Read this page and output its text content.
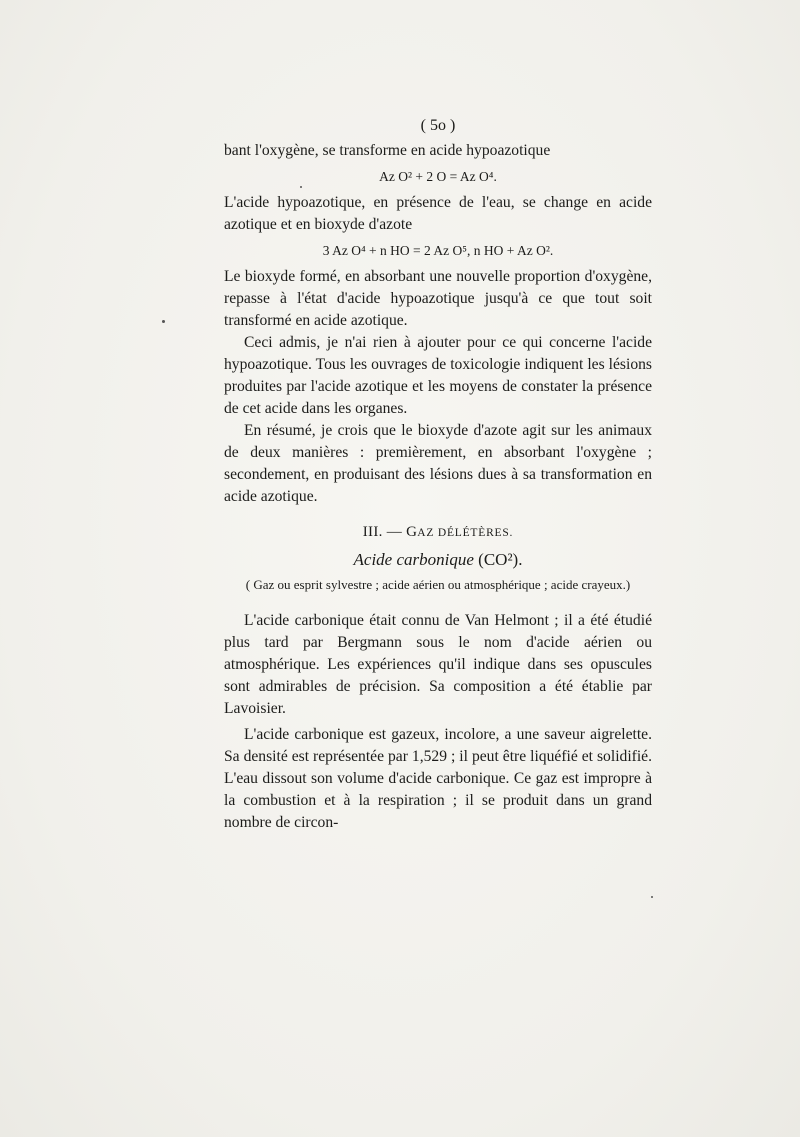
( 5o )

bant l'oxygène, se transforme en acide hypoazotique

Az O² + 2 O = Az O⁴.

L'acide hypoazotique, en présence de l'eau, se change en acide azotique et en bioxyde d'azote

3 Az O⁴ + n HO = 2 Az O⁵, n HO + Az O².

Le bioxyde formé, en absorbant une nouvelle proportion d'oxygène, repasse à l'état d'acide hypoazotique jusqu'à ce que tout soit transformé en acide azotique.

Ceci admis, je n'ai rien à ajouter pour ce qui concerne l'acide hypoazotique. Tous les ouvrages de toxicologie indiquent les lésions produites par l'acide azotique et les moyens de constater la présence de cet acide dans les organes.

En résumé, je crois que le bioxyde d'azote agit sur les animaux de deux manières : premièrement, en absorbant l'oxygène ; secondement, en produisant des lésions dues à sa transformation en acide azotique.

III. — GAZ DÉLÉTÈRES.
Acide carbonique (CO²).
( Gaz ou esprit sylvestre ; acide aérien ou atmosphérique ; acide crayeux.)

L'acide carbonique était connu de Van Helmont ; il a été étudié plus tard par Bergmann sous le nom d'acide aérien ou atmosphérique. Les expériences qu'il indique dans ses opuscules sont admirables de précision. Sa composition a été établie par Lavoisier.

L'acide carbonique est gazeux, incolore, a une saveur aigrelette. Sa densité est représentée par 1,529 ; il peut être liquéfié et solidifié. L'eau dissout son volume d'acide carbonique. Ce gaz est impropre à la combustion et à la respiration ; il se produit dans un grand nombre de circon-
